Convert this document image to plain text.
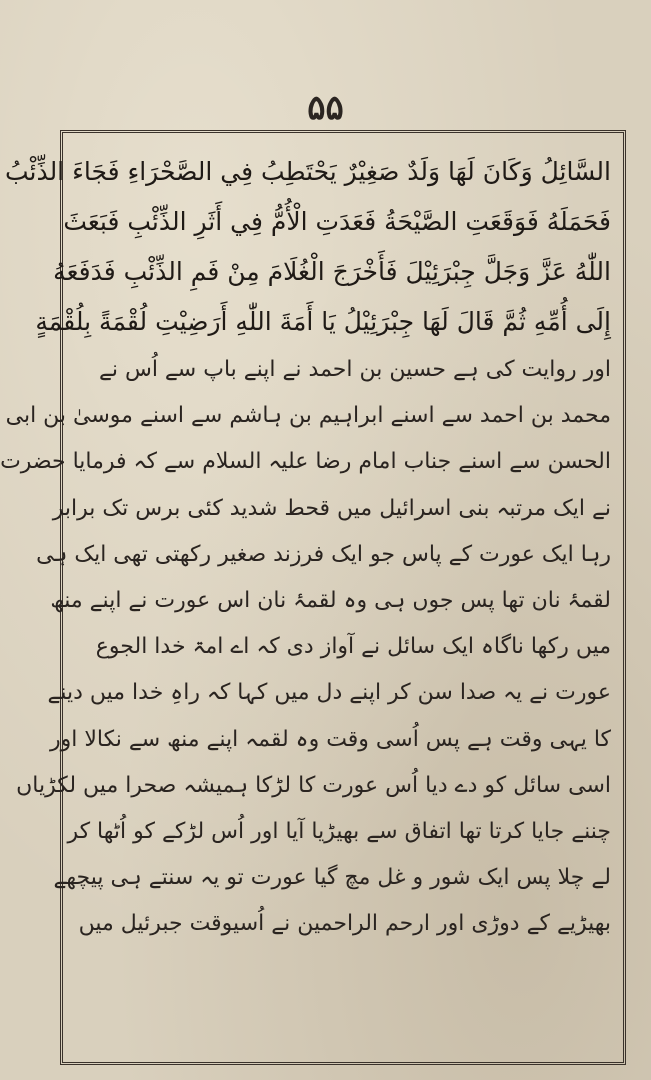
۵۵
السَّائِلُ وَكَانَ لَهَا وَلَدٌ صَغِيْرٌ يَحْتَطِبُ فِي الصَّحْرَاءِ فَجَاءَ الذِّئْبُ
فَحَمَلَهُ فَوَقَعَتِ الصَّيْحَةُ فَعَدَتِ الْأُمُّ فِي أَثَرِ الذِّئْبِ فَبَعَثَ
اللّٰهُ عَزَّ وَجَلَّ جِبْرَئِيْلَ فَأَخْرَجَ الْغُلَامَ مِنْ فَمِ الذِّئْبِ فَدَفَعَهُ
إِلَى أُمِّهِ ثُمَّ قَالَ لَهَا جِبْرَئِيْلُ يَا أَمَةَ اللّٰهِ أَرَضِيْتِ لُقْمَةً بِلُقْمَةٍ
اور روایت کی ہے حسین بن احمد نے اپنے باپ سے اُس نے
محمد بن احمد سے اسنے ابراہیم بن ہاشم سے اسنے موسیٰ بن ابی
الحسن سے اسنے جناب امام رضا علیہ السلام سے کہ فرمایا حضرت
نے ایک مرتبہ بنی اسرائیل میں قحط شدید کئی برس تک برابر
رہا ایک عورت کے پاس جو ایک فرزند صغیر رکھتی تھی ایک ہی
لقمۂ نان تھا پس جوں ہی وہ لقمۂ نان اس عورت نے اپنے منھ
میں رکھا ناگاہ ایک سائل نے آواز دی کہ اے امۃ خدا الجوع
عورت نے یہ صدا سن کر اپنے دل میں کہا کہ راہِ خدا میں دینے
کا یہی وقت ہے پس اُسی وقت وہ لقمہ اپنے منھ سے نکالا اور
اسی سائل کو دے دیا اُس عورت کا لڑکا ہمیشہ صحرا میں لکڑیاں
چننے جایا کرتا تھا اتفاق سے بھیڑیا آیا اور اُس لڑکے کو اُٹھا کر
لے چلا پس ایک شور و غل مچ گیا عورت تو یہ سنتے ہی پیچھے
بھیڑیے کے دوڑی اور ارحم الراحمین نے اُسیوقت جبرئیل میں
